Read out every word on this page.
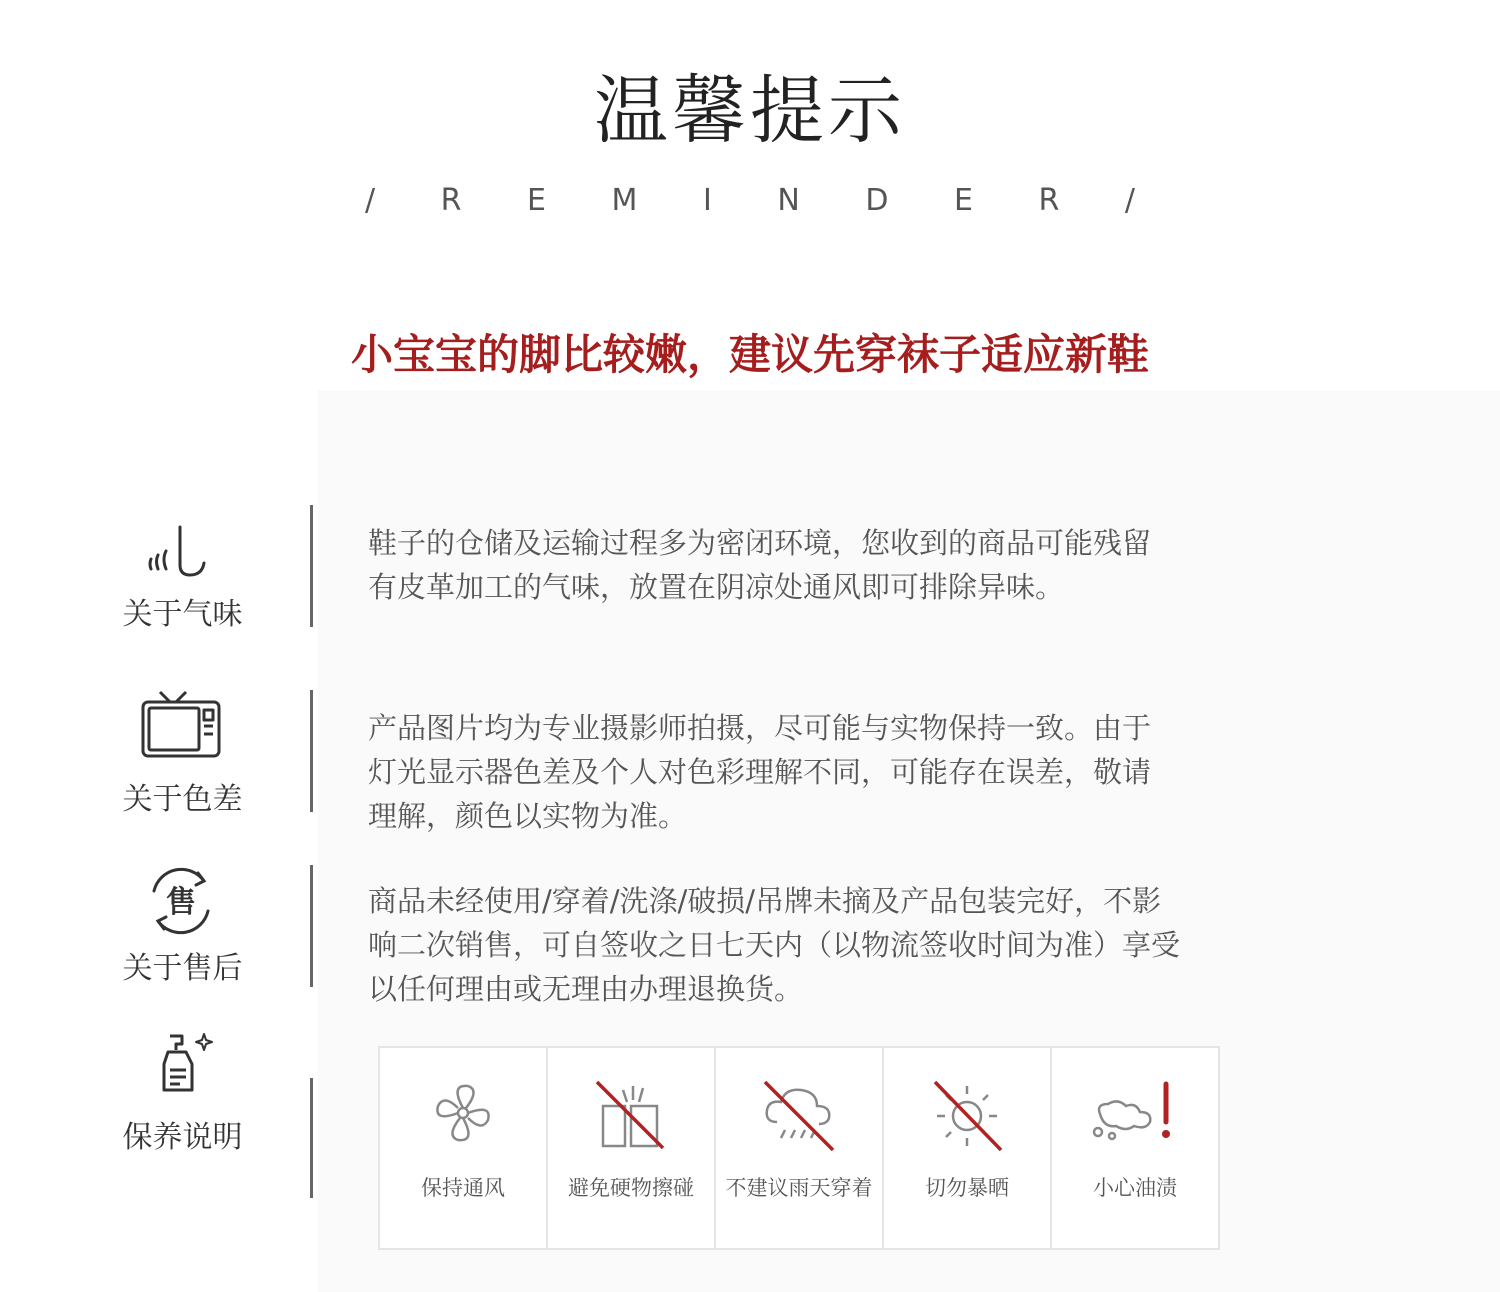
温馨提示
/ R E M I N D E R /
小宝宝的脚比较嫩，建议先穿袜子适应新鞋
关于气味
鞋子的仓储及运输过程多为密闭环境，您收到的商品可能残留
有皮革加工的气味，放置在阴凉处通风即可排除异味。
关于色差
产品图片均为专业摄影师拍摄，尽可能与实物保持一致。由于
灯光显示器色差及个人对色彩理解不同，可能存在误差，敬请
理解，颜色以实物为准。
售
关于售后
商品未经使用/穿着/洗涤/破损/吊牌未摘及产品包装完好，不影
响二次销售，可自签收之日七天内（以物流签收时间为准）享受
以任何理由或无理由办理退换货。
保养说明
保持通风	避免硬物擦碰	不建议雨天穿着	切勿暴晒	小心油渍
